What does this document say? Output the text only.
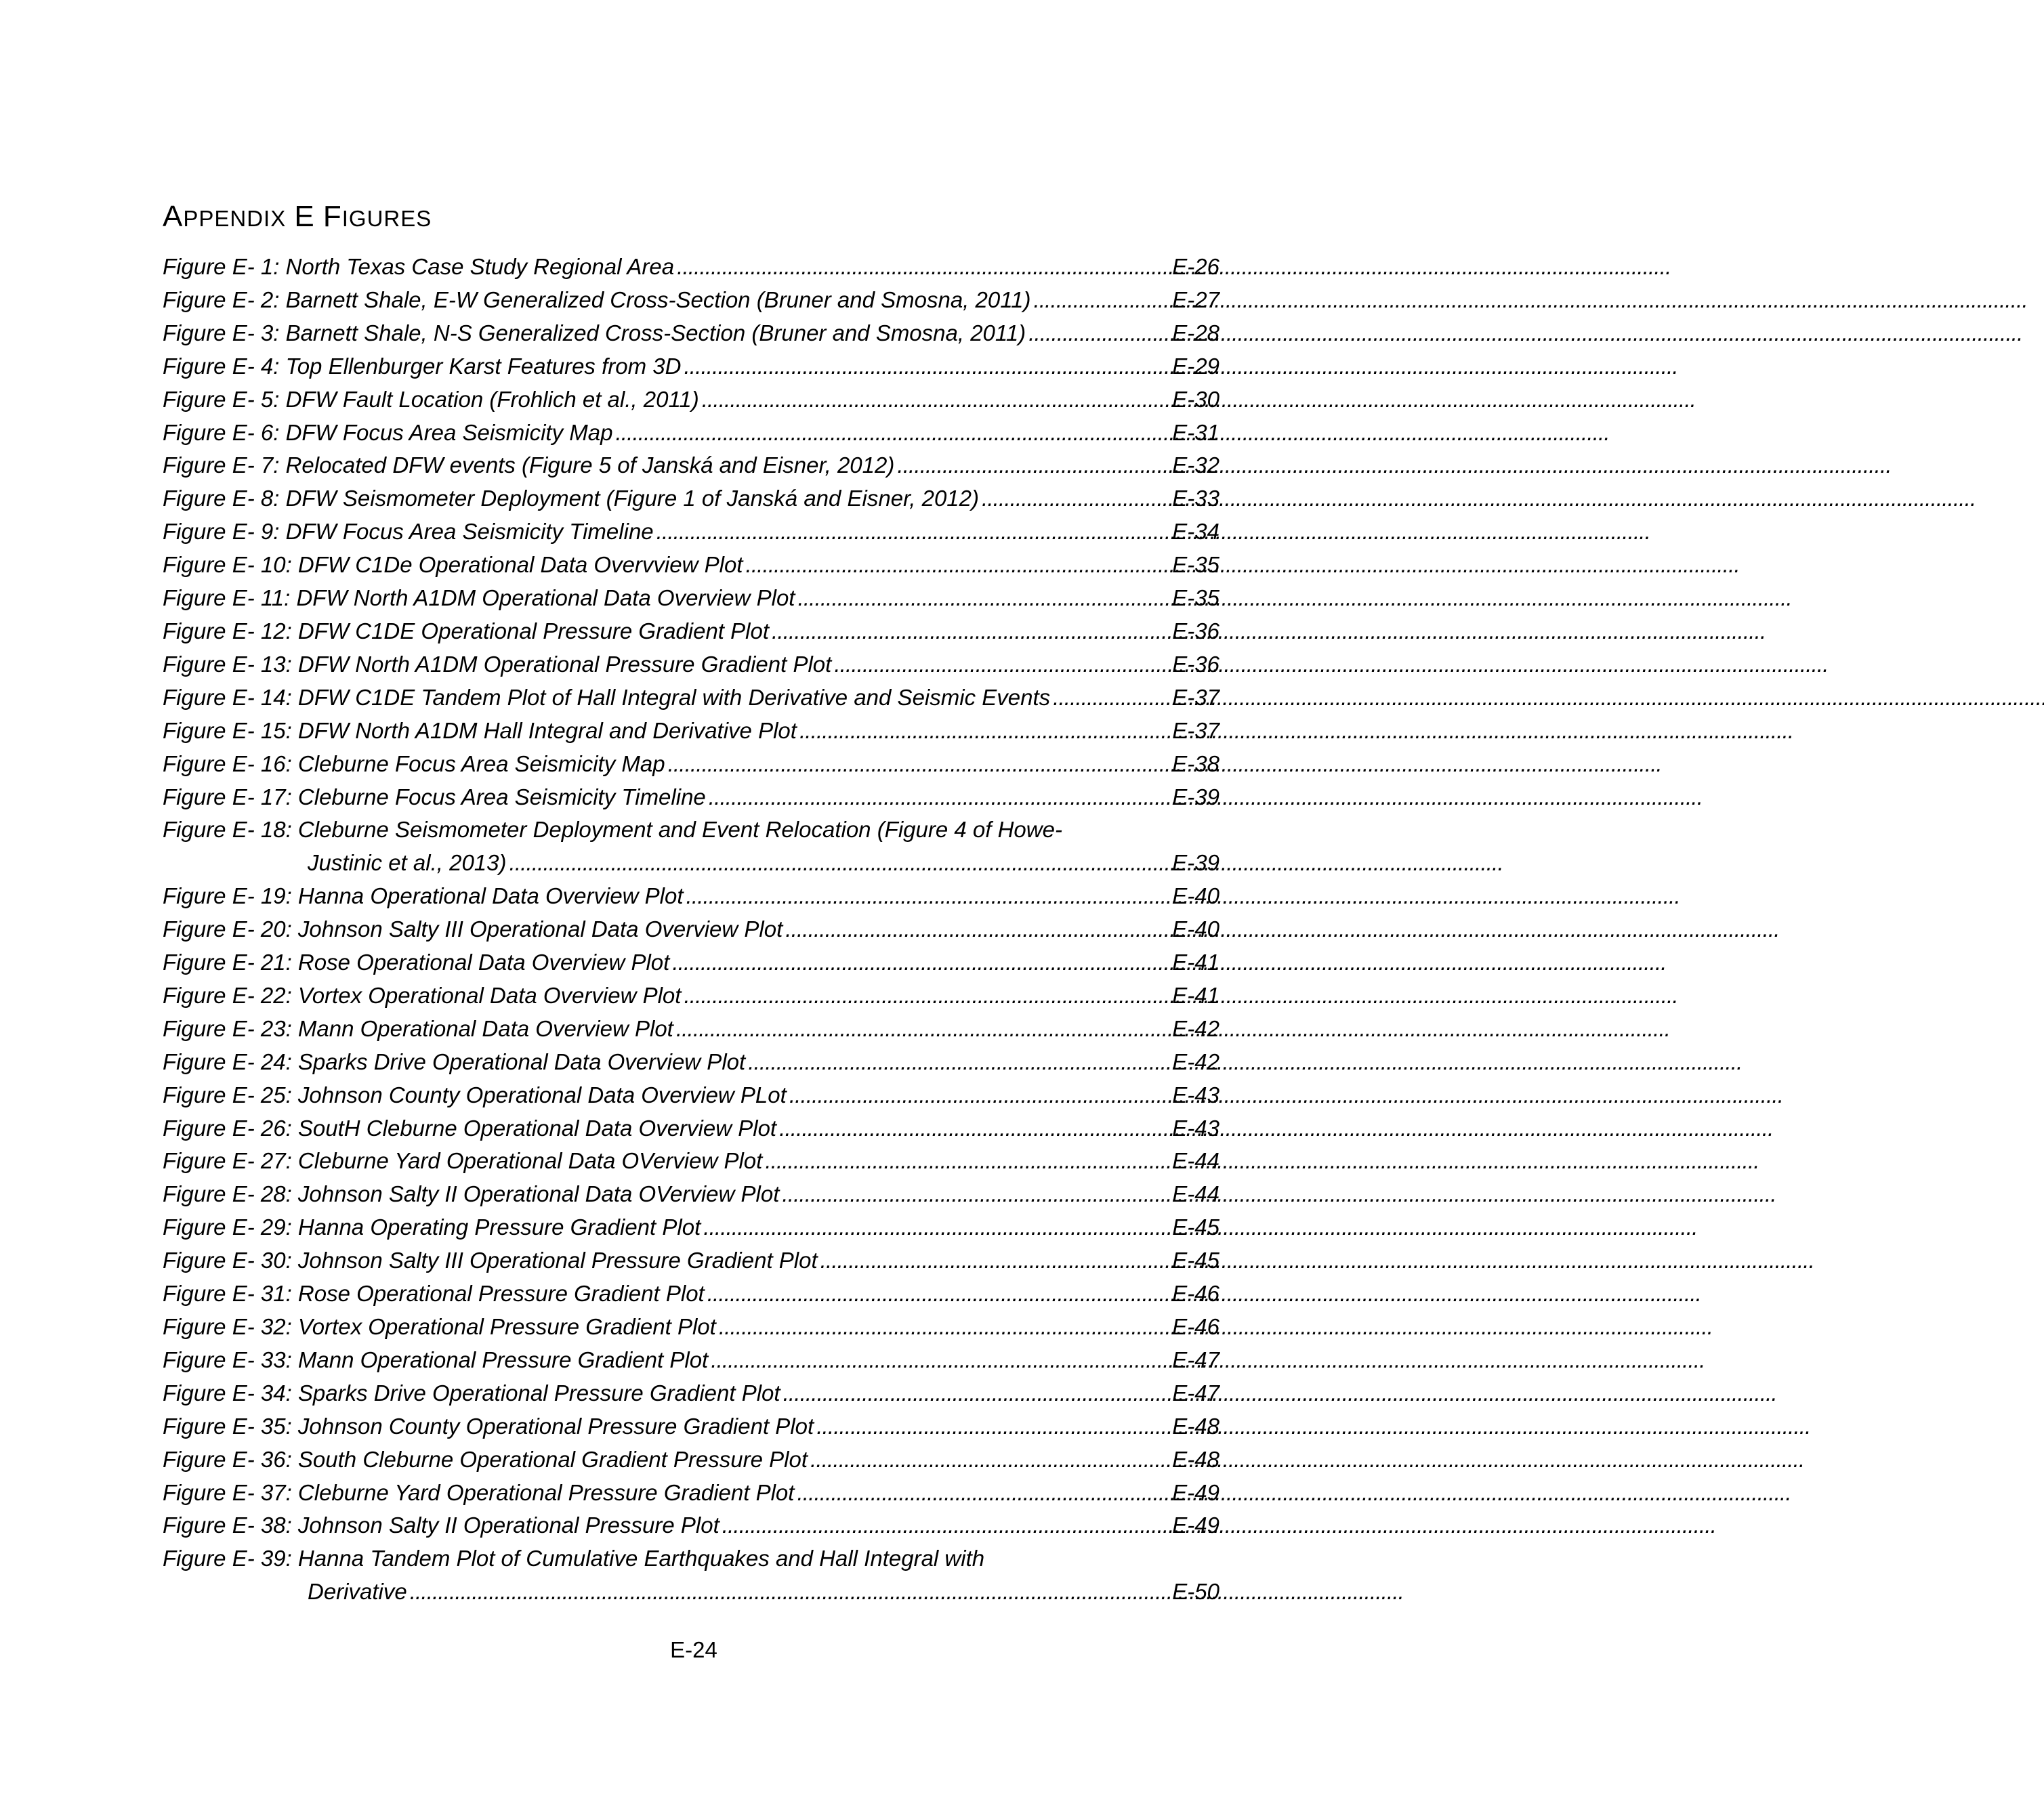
APPENDIX E FIGURES
Figure E- 1: North Texas Case Study Regional Area . . .	E-26
Figure E- 2: Barnett Shale, E-W Generalized Cross-Section (Bruner and Smosna, 2011) . . .	E-27
Figure E- 3: Barnett Shale, N-S Generalized Cross-Section (Bruner and Smosna, 2011) . . .	E-28
Figure E- 4: Top Ellenburger Karst Features from 3D . . .	E-29
Figure E- 5: DFW Fault Location (Frohlich et al., 2011) . . .	E-30
Figure E- 6: DFW Focus Area Seismicity Map . . .	E-31
Figure E- 7: Relocated DFW events (Figure 5 of Janská and Eisner, 2012) . . .	E-32
Figure E- 8: DFW Seismometer Deployment (Figure 1 of Janská and Eisner, 2012) . . .	E-33
Figure E- 9: DFW Focus Area Seismicity Timeline . . .	E-34
Figure E- 10: DFW C1De Operational Data Overvview Plot . . .	E-35
Figure E- 11: DFW North A1DM Operational Data Overview Plot . . .	E-35
Figure E- 12: DFW C1DE Operational Pressure Gradient Plot . . .	E-36
Figure E- 13: DFW North A1DM Operational Pressure Gradient Plot . . .	E-36
Figure E- 14: DFW C1DE Tandem Plot of Hall Integral with Derivative and Seismic Events . . .	E-37
Figure E- 15: DFW North A1DM Hall Integral and Derivative Plot . . .	E-37
Figure E- 16: Cleburne Focus Area Seismicity Map . . .	E-38
Figure E- 17: Cleburne Focus Area Seismicity Timeline . . .	E-39
Figure E- 18: Cleburne Seismometer Deployment and Event Relocation (Figure 4 of Howe-
Justinic et al., 2013) . . .	E-39
Figure E- 19: Hanna Operational Data Overview Plot . . .	E-40
Figure E- 20: Johnson Salty III Operational Data Overview Plot . . .	E-40
Figure E- 21: Rose Operational Data Overview Plot . . .	E-41
Figure E- 22: Vortex Operational Data Overview Plot . . .	E-41
Figure E- 23: Mann Operational Data Overview Plot . . .	E-42
Figure E- 24: Sparks Drive Operational Data Overview Plot . . .	E-42
Figure E- 25: Johnson County Operational Data Overview PLot . . .	E-43
Figure E- 26: SoutH Cleburne Operational Data Overview Plot . . .	E-43
Figure E- 27: Cleburne Yard Operational Data OVerview Plot . . .	E-44
Figure E- 28: Johnson Salty II Operational Data OVerview Plot . . .	E-44
Figure E- 29: Hanna Operating Pressure Gradient Plot . . .	E-45
Figure E- 30: Johnson Salty III Operational Pressure Gradient Plot . . .	E-45
Figure E- 31: Rose Operational Pressure Gradient Plot . . .	E-46
Figure E- 32: Vortex Operational Pressure Gradient Plot . . .	E-46
Figure E- 33: Mann Operational Pressure Gradient Plot . . .	E-47
Figure E- 34: Sparks Drive Operational Pressure Gradient Plot . . .	E-47
Figure E- 35: Johnson County Operational Pressure Gradient Plot . . .	E-48
Figure E- 36: South Cleburne Operational Gradient Pressure Plot . . .	E-48
Figure E- 37: Cleburne Yard Operational Pressure Gradient Plot . . .	E-49
Figure E- 38: Johnson Salty II Operational Pressure Plot . . .	E-49
Figure E- 39: Hanna Tandem Plot of Cumulative Earthquakes and Hall Integral with
Derivative . . .	E-50
E-24
